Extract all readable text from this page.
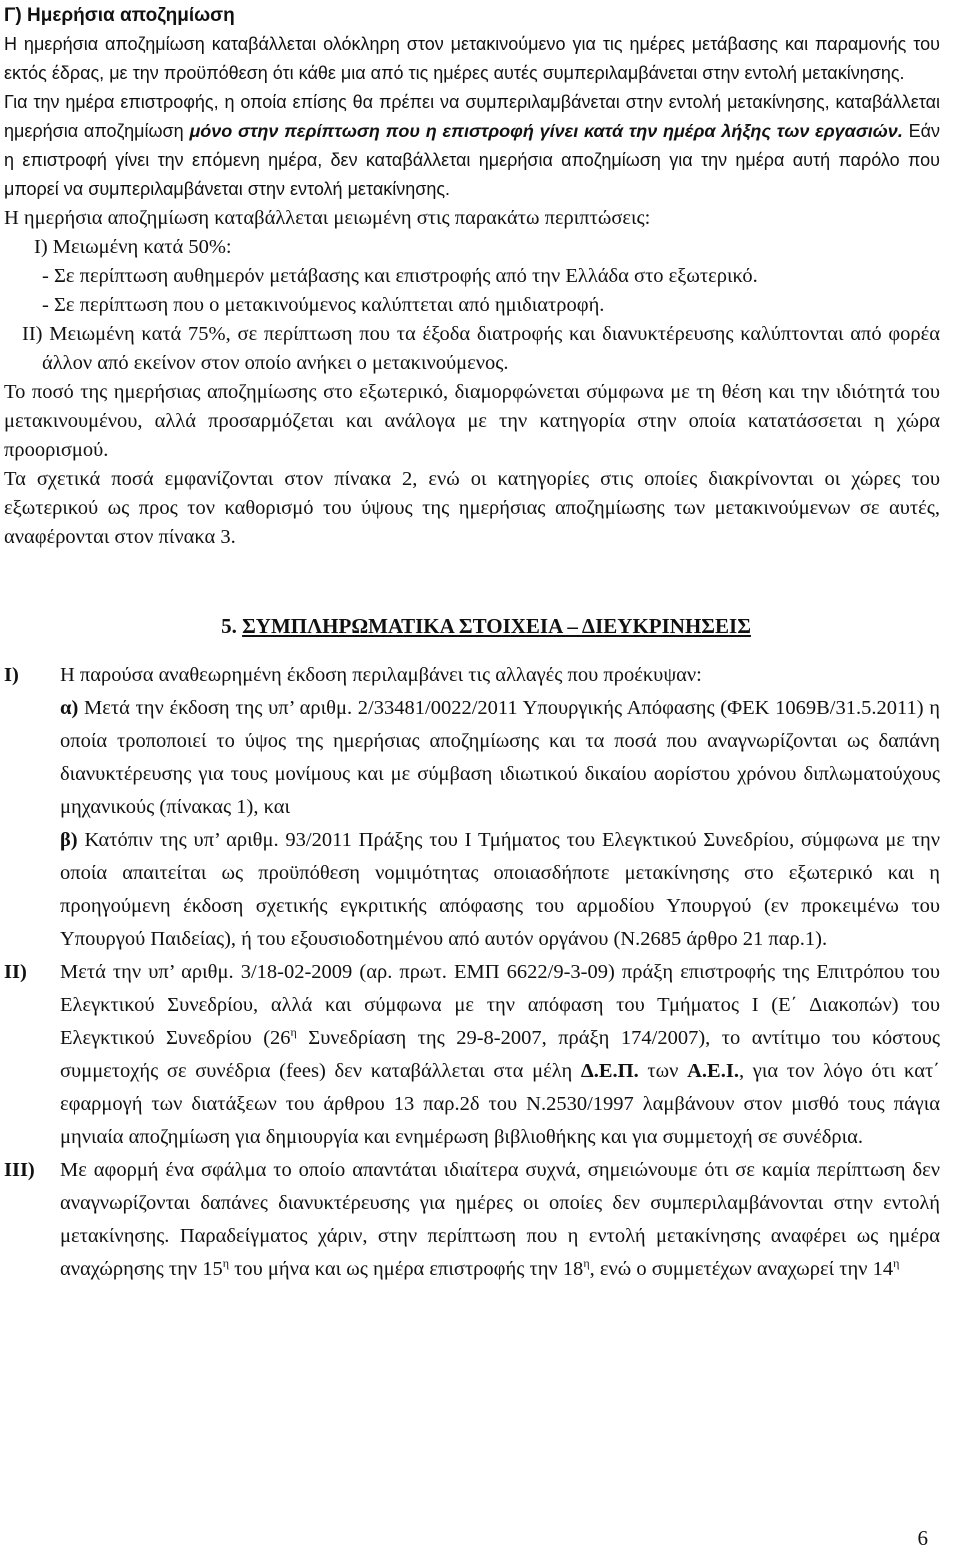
Γ) Ημερήσια αποζημίωση

Η ημερήσια αποζημίωση καταβάλλεται ολόκληρη στον μετακινούμενο για τις ημέρες μετάβασης και παραμονής του εκτός έδρας, με την προϋπόθεση ότι κάθε μια από τις ημέρες αυτές συμπεριλαμβάνεται στην εντολή μετακίνησης.

Για την ημέρα επιστροφής, η οποία επίσης θα πρέπει να συμπεριλαμβάνεται στην εντολή μετακίνησης, καταβάλλεται ημερήσια αποζημίωση μόνο στην περίπτωση που η επιστροφή γίνει κατά την ημέρα λήξης των εργασιών. Εάν η επιστροφή γίνει την επόμενη ημέρα, δεν καταβάλλεται ημερήσια αποζημίωση για την ημέρα αυτή παρόλο που μπορεί να συμπεριλαμβάνεται στην εντολή μετακίνησης.

Η ημερήσια αποζημίωση καταβάλλεται μειωμένη στις παρακάτω περιπτώσεις:

Ι) Μειωμένη κατά 50%:

- Σε περίπτωση αυθημερόν μετάβασης και επιστροφής από την Ελλάδα στο εξωτερικό.

- Σε περίπτωση που ο μετακινούμενος καλύπτεται από ημιδιατροφή.

ΙΙ) Μειωμένη κατά 75%, σε περίπτωση που τα έξοδα διατροφής και διανυκτέρευσης καλύπτονται από φορέα άλλον από εκείνον στον οποίο ανήκει ο μετακινούμενος.

Το ποσό της ημερήσιας αποζημίωσης στο εξωτερικό, διαμορφώνεται σύμφωνα με τη θέση και την ιδιότητά του μετακινουμένου, αλλά προσαρμόζεται και ανάλογα με την κατηγορία στην οποία κατατάσσεται η χώρα προορισμού.

Τα σχετικά ποσά εμφανίζονται στον πίνακα 2, ενώ οι κατηγορίες στις οποίες διακρίνονται οι χώρες του εξωτερικού ως προς τον καθορισμό του ύψους της ημερήσιας αποζημίωσης των μετακινούμενων σε αυτές, αναφέρονται στον πίνακα 3.

5. ΣΥΜΠΛΗΡΩΜΑΤΙΚΑ ΣΤΟΙΧΕΙΑ – ΔΙΕΥΚΡΙΝΗΣΕΙΣ
Ι)	Η παρούσα αναθεωρημένη έκδοση περιλαμβάνει τις αλλαγές που προέκυψαν:

α) Μετά την έκδοση της υπ’ αριθμ. 2/33481/0022/2011 Υπουργικής Απόφασης (ΦΕΚ 1069Β/31.5.2011) η οποία τροποποιεί το ύψος της ημερήσιας αποζημίωσης και τα ποσά που αναγνωρίζονται ως δαπάνη διανυκτέρευσης για τους μονίμους και με σύμβαση ιδιωτικού δικαίου αορίστου χρόνου διπλωματούχους μηχανικούς (πίνακας 1), και

β) Κατόπιν της υπ’ αριθμ. 93/2011 Πράξης του Ι Τμήματος του Ελεγκτικού Συνεδρίου, σύμφωνα με την οποία απαιτείται ως προϋπόθεση νομιμότητας οποιασδήποτε μετακίνησης στο εξωτερικό και η προηγούμενη έκδοση σχετικής εγκριτικής απόφασης του αρμοδίου Υπουργού (εν προκειμένω του Υπουργού Παιδείας), ή του εξουσιοδοτημένου από αυτόν οργάνου (Ν.2685 άρθρο 21 παρ.1).

ΙΙ)	Μετά την υπ’ αριθμ. 3/18-02-2009 (αρ. πρωτ. ΕΜΠ 6622/9-3-09) πράξη επιστροφής της Επιτρόπου του Ελεγκτικού Συνεδρίου, αλλά και σύμφωνα με την απόφαση του Τμήματος Ι (Ε΄ Διακοπών) του Ελεγκτικού Συνεδρίου ($26^\eta$ Συνεδρίαση της 29-8-2007, πράξη 174/2007), το αντίτιμο του κόστους συμμετοχής σε συνέδρια (fees) δεν καταβάλλεται στα μέλη Δ.Ε.Π. των Α.Ε.Ι., για τον λόγο ότι κατ΄ εφαρμογή των διατάξεων του άρθρου 13 παρ.2δ του Ν.2530/1997 λαμβάνουν στον μισθό τους πάγια μηνιαία αποζημίωση για δημιουργία και ενημέρωση βιβλιοθήκης και για συμμετοχή σε συνέδρια.

ΙΙΙ)	Με αφορμή ένα σφάλμα το οποίο απαντάται ιδιαίτερα συχνά, σημειώνουμε ότι σε καμία περίπτωση δεν αναγνωρίζονται δαπάνες διανυκτέρευσης για ημέρες οι οποίες δεν συμπεριλαμβάνονται στην εντολή μετακίνησης. Παραδείγματος χάριν, στην περίπτωση που η εντολή μετακίνησης αναφέρει ως ημέρα αναχώρησης την $15^\eta$ του μήνα και ως ημέρα επιστροφής την $18^\eta$, ενώ ο συμμετέχων αναχωρεί την $14^\eta$

6
